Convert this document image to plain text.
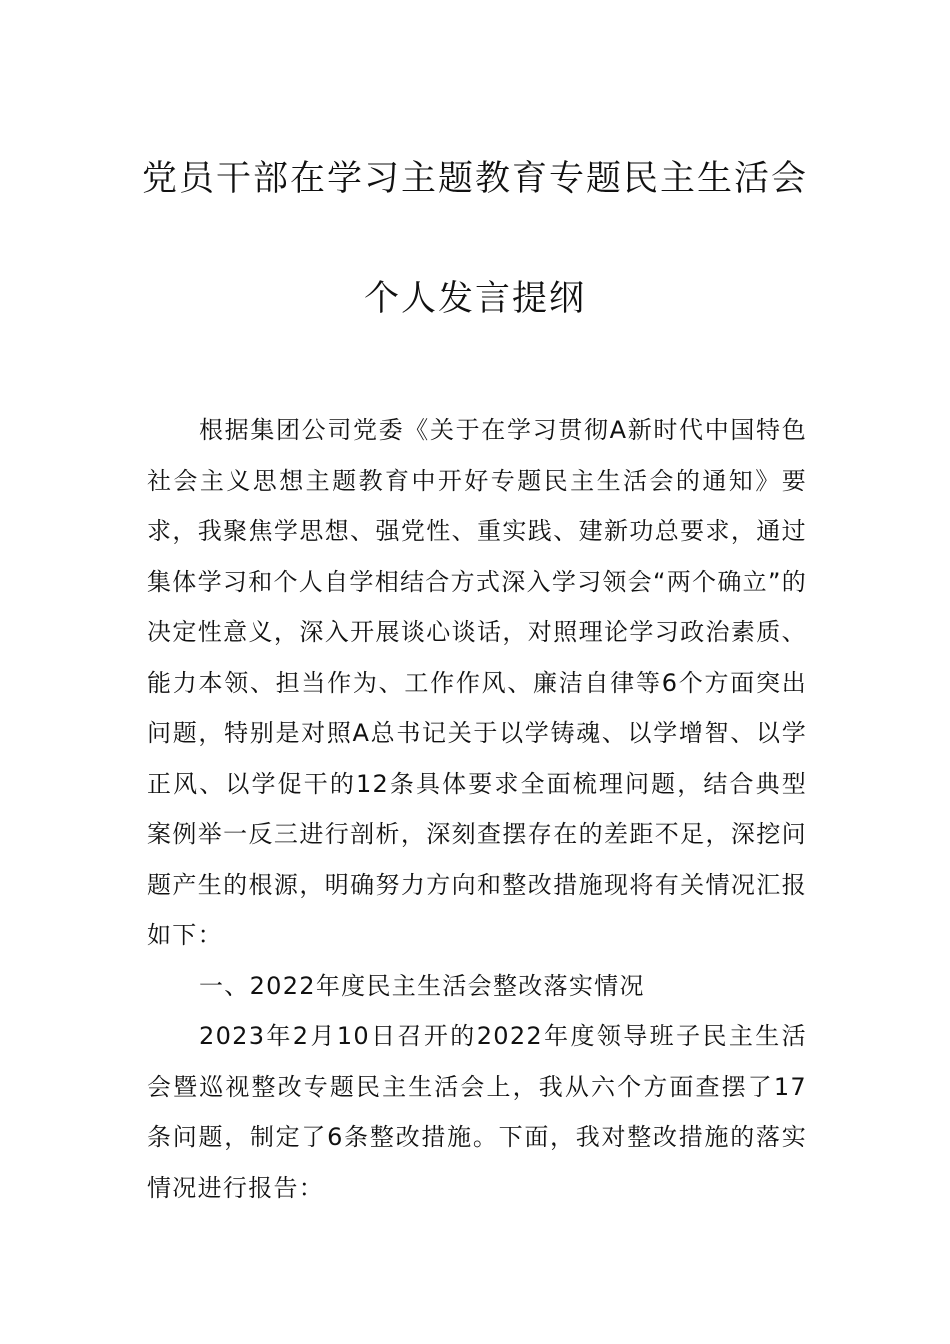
党员干部在学习主题教育专题民主生活会
个人发言提纲

根据集团公司党委《关于在学习贯彻A新时代中国特色社会主义思想主题教育中开好专题民主生活会的通知》要求，我聚焦学思想、强党性、重实践、建新功总要求，通过集体学习和个人自学相结合方式深入学习领会“两个确立”的决定性意义，深入开展谈心谈话，对照理论学习政治素质、能力本领、担当作为、工作作风、廉洁自律等6个方面突出问题，特别是对照A总书记关于以学铸魂、以学增智、以学正风、以学促干的12条具体要求全面梳理问题，结合典型案例举一反三进行剖析，深刻查摆存在的差距不足，深挖问题产生的根源，明确努力方向和整改措施现将有关情况汇报如下：

一、2022年度民主生活会整改落实情况

2023年2月10日召开的2022年度领导班子民主生活会暨巡视整改专题民主生活会上，我从六个方面查摆了17条问题，制定了6条整改措施。下面，我对整改措施的落实情况进行报告：
